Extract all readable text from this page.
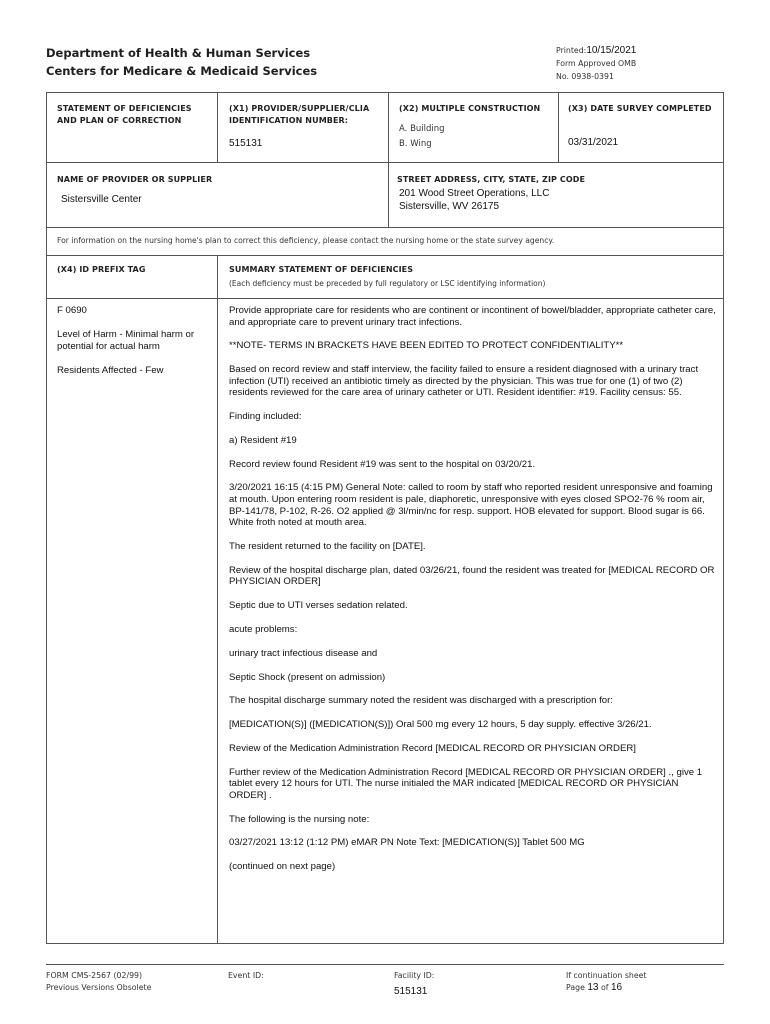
Department of Health & Human Services
Centers for Medicare & Medicaid Services
Printed: 10/15/2021
Form Approved OMB
No. 0938-0391
STATEMENT OF DEFICIENCIES AND PLAN OF CORRECTION
(X1) PROVIDER/SUPPLIER/CLIA IDENTIFICATION NUMBER:
515131
(X2) MULTIPLE CONSTRUCTION
A. Building
B. Wing
(X3) DATE SURVEY COMPLETED
03/31/2021
NAME OF PROVIDER OR SUPPLIER
Sistersville Center
STREET ADDRESS, CITY, STATE, ZIP CODE
201 Wood Street Operations, LLC
Sistersville, WV 26175
For information on the nursing home's plan to correct this deficiency, please contact the nursing home or the state survey agency.
(X4) ID PREFIX TAG	SUMMARY STATEMENT OF DEFICIENCIES
(Each deficiency must be preceded by full regulatory or LSC identifying information)

F 0690

Level of Harm - Minimal harm or potential for actual harm

Residents Affected - Few

Provide appropriate care for residents who are continent or incontinent of bowel/bladder, appropriate catheter care, and appropriate care to prevent urinary tract infections.

**NOTE- TERMS IN BRACKETS HAVE BEEN EDITED TO PROTECT CONFIDENTIALITY**

Based on record review and staff interview, the facility failed to ensure a resident diagnosed with a urinary tract infection (UTI) received an antibiotic timely as directed by the physician. This was true for one (1) of two (2) residents reviewed for the care area of urinary catheter or UTI. Resident identifier: #19. Facility census: 55.

Finding included:

a) Resident #19

Record review found Resident #19 was sent to the hospital on 03/20/21.

3/20/2021 16:15 (4:15 PM) General Note: called to room by staff who reported resident unresponsive and foaming at mouth. Upon entering room resident is pale, diaphoretic, unresponsive with eyes closed SPO2-76 % room air, BP-141/78, P-102, R-26. O2 applied @ 3l/min/nc for resp. support. HOB elevated for support. Blood sugar is 66. White froth noted at mouth area.

The resident returned to the facility on [DATE].

Review of the hospital discharge plan, dated 03/26/21, found the resident was treated for [MEDICAL RECORD OR PHYSICIAN ORDER]

Septic due to UTI verses sedation related.

acute problems:

urinary tract infectious disease and

Septic Shock (present on admission)

The hospital discharge summary noted the resident was discharged with a prescription for:

[MEDICATION(S)] ([MEDICATION(S)]) Oral 500 mg every 12 hours, 5 day supply. effective 3/26/21.

Review of the Medication Administration Record [MEDICAL RECORD OR PHYSICIAN ORDER]

Further review of the Medication Administration Record [MEDICAL RECORD OR PHYSICIAN ORDER] ., give 1 tablet every 12 hours for UTI. The nurse initialed the MAR indicated [MEDICAL RECORD OR PHYSICIAN ORDER] .

The following is the nursing note:

03/27/2021 13:12 (1:12 PM) eMAR PN Note Text: [MEDICATION(S)] Tablet 500 MG

(continued on next page)

FORM CMS-2567 (02/99)
Previous Versions Obsolete
Event ID:	Facility ID:
515131
If continuation sheet
Page 13 of 16
